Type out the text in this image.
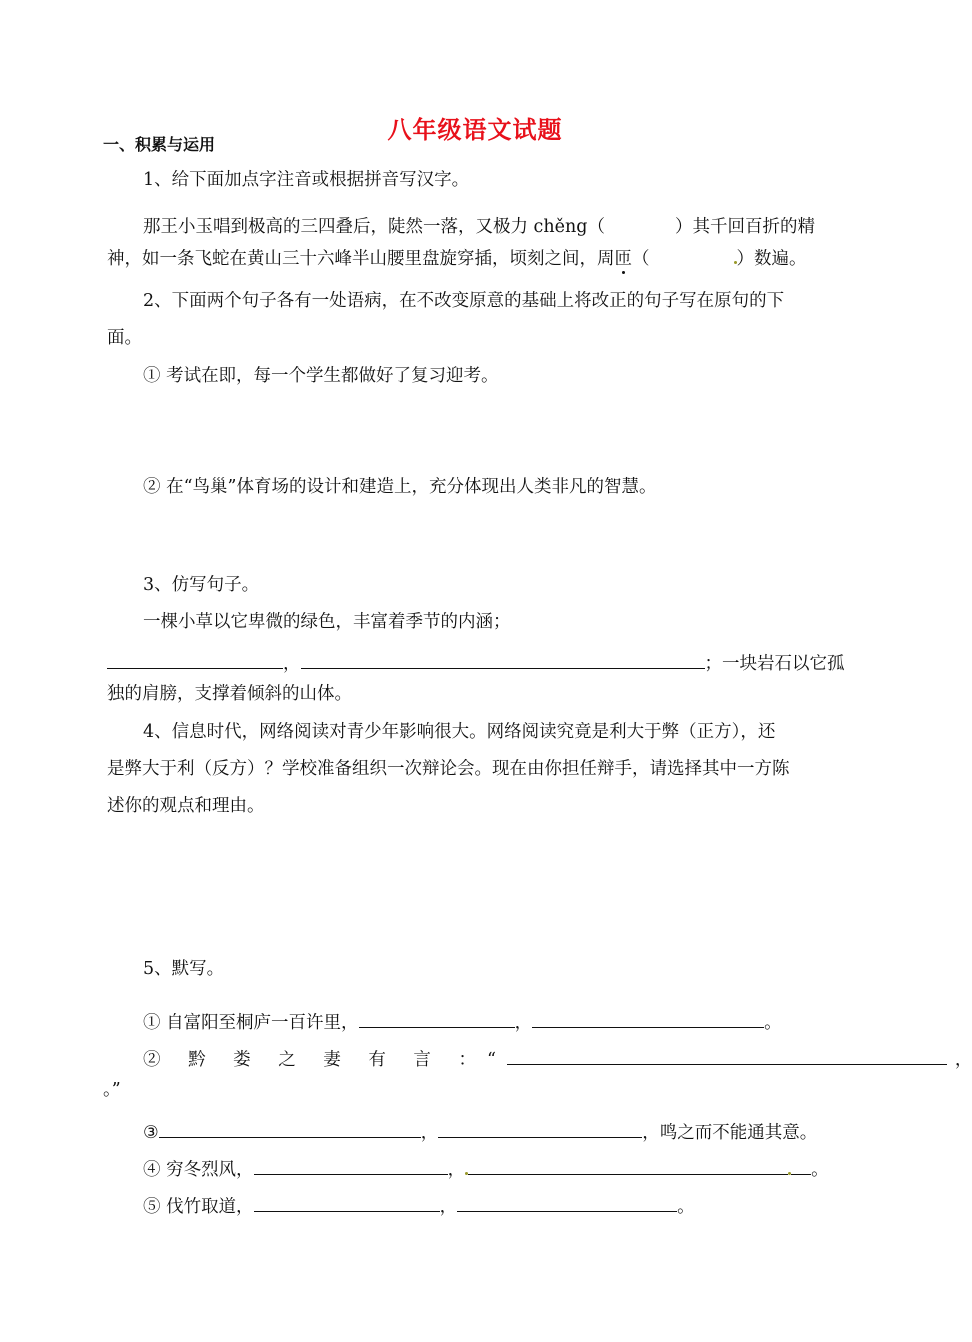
八年级语文试题
一、积累与运用
1、给下面加点字注音或根据拼音写汉字。
那王小玉唱到极高的三四叠后，陡然一落，又极力 chěng（	）其千回百折的精
神，如一条飞蛇在黄山三十六峰半山腰里盘旋穿插，顷刻之间，周匝（	）数遍。
2、下面两个句子各有一处语病，在不改变原意的基础上将改正的句子写在原句的下
面。
① 考试在即，每一个学生都做好了复习迎考。
② 在“鸟巢”体育场的设计和建造上，充分体现出人类非凡的智慧。
3、仿写句子。
一棵小草以它卑微的绿色，丰富着季节的内涵；
，	；一块岩石以它孤
独的肩膀，支撑着倾斜的山体。
4、信息时代，网络阅读对青少年影响很大。网络阅读究竟是利大于弊（正方），还
是弊大于利（反方）？学校准备组织一次辩论会。现在由你担任辩手，请选择其中一方陈
述你的观点和理由。
5、默写。
① 自富阳至桐庐一百许里，	，	。
② 黔 娄 之 妻 有 言 ：“	，
。”
③	，	，鸣之而不能通其意。
④ 穷冬烈风，	，	。
⑤ 伐竹取道，	，	。
